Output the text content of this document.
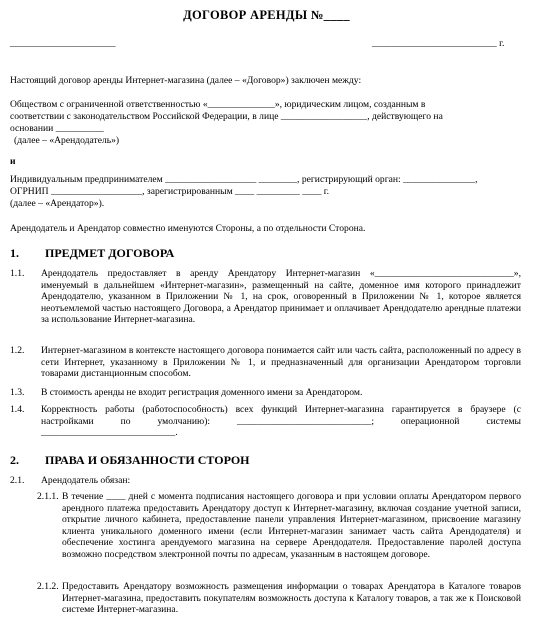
ДОГОВОР АРЕНДЫ №____
______________________	__________________________ г.
Настоящий договор аренды Интернет-магазина (далее – «Договор») заключен между:
Обществом с ограниченной ответственностью «______________», юридическим лицом, созданным в
соответствии с законодательством Российской Федерации, в лице __________________, действующего на
основании __________
(далее – «Арендодатель»)
и
Индивидуальным предпринимателем ___________________ ________, регистрирующий орган: _______________,
ОГРНИП ___________________, зарегистрированным ____ _________ ____ г.
(далее – «Арендатор»).
Арендодатель и Арендатор совместно именуются Стороны, а по отдельности Сторона.
1. ПРЕДМЕТ ДОГОВОРА
1.1. Арендодатель предоставляет в аренду Арендатору Интернет-магазин «_____________________________», именуемый в дальнейшем «Интернет-магазин», размещенный на сайте, доменное имя которого принадлежит Арендодателю, указанном в Приложении № 1, на срок, оговоренный в Приложении № 1, которое является неотъемлемой частью настоящего Договора, а Арендатор принимает и оплачивает Арендодателю арендные платежи за использование Интернет-магазина.
1.2. Интернет-магазином в контексте настоящего договора понимается сайт или часть сайта, расположенный по адресу в сети Интернет, указанному в Приложении № 1, и предназначенный для организации Арендатором торговли товарами дистанционным способом.
1.3. В стоимость аренды не входит регистрация доменного имени за Арендатором.
1.4. Корректность работы (работоспособность) всех функций Интернет-магазина гарантируется в браузере (с настройками по умолчанию): ____________________________; операционной системы ____________________________.
2. ПРАВА И ОБЯЗАННОСТИ СТОРОН
2.1. Арендодатель обязан:
2.1.1. В течение ____ дней с момента подписания настоящего договора и при условии оплаты Арендатором первого арендного платежа предоставить Арендатору доступ к Интернет-магазину, включая создание учетной записи, открытие личного кабинета, предоставление панели управления Интернет-магазином, присвоение магазину клиента уникального доменного имени (если Интернет-магазин занимает часть сайта Арендодателя) и обеспечение хостинга арендуемого магазина на сервере Арендодателя. Предоставление паролей доступа возможно посредством электронной почты по адресам, указанным в настоящем договоре.
2.1.2. Предоставить Арендатору возможность размещения информации о товарах Арендатора в Каталоге товаров Интернет-магазина, предоставить покупателям возможность доступа к Каталогу товаров, а так же к Поисковой системе Интернет-магазина.
